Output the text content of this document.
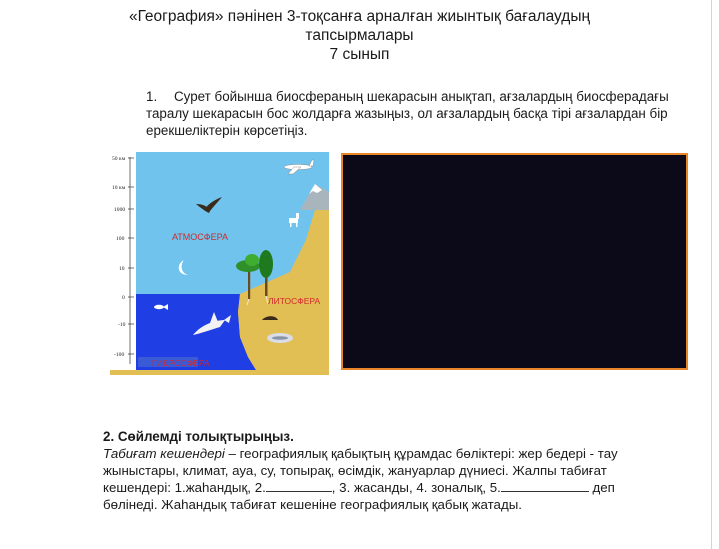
«География» пәнінен 3-тоқсанға арналған жиынтық бағалаудың
тапсырмалары
7 сынып
1. Сурет бойынша биосфераның шекарасын анықтап, ағзалардың биосферадағы таралу шекарасын бос жолдарға жазыңыз, ол ағзалардың басқа тірі ағзалардан бір ерекшеліктерін көрсетіңіз.
50 км
10 км
1000
100
10
0
-10
-100
АТМОСФЕРА
ЛИТОСФЕРА
ГИДРОСФЕРА
2. Сөйлемді толықтырыңыз.
Табиғат кешендері – географиялық қабықтың құрамдас бөліктері: жер бедері - тау жыныстары, климат, ауа, су, топырақ, өсімдік, жануарлар дүниесі. Жалпы табиғат кешендері: 1.жаһандық, 2.	, 3. жасанды, 4. зоналық, 5.	деп бөлінеді. Жаһандық табиғат кешеніне географиялық қабық жатады.
